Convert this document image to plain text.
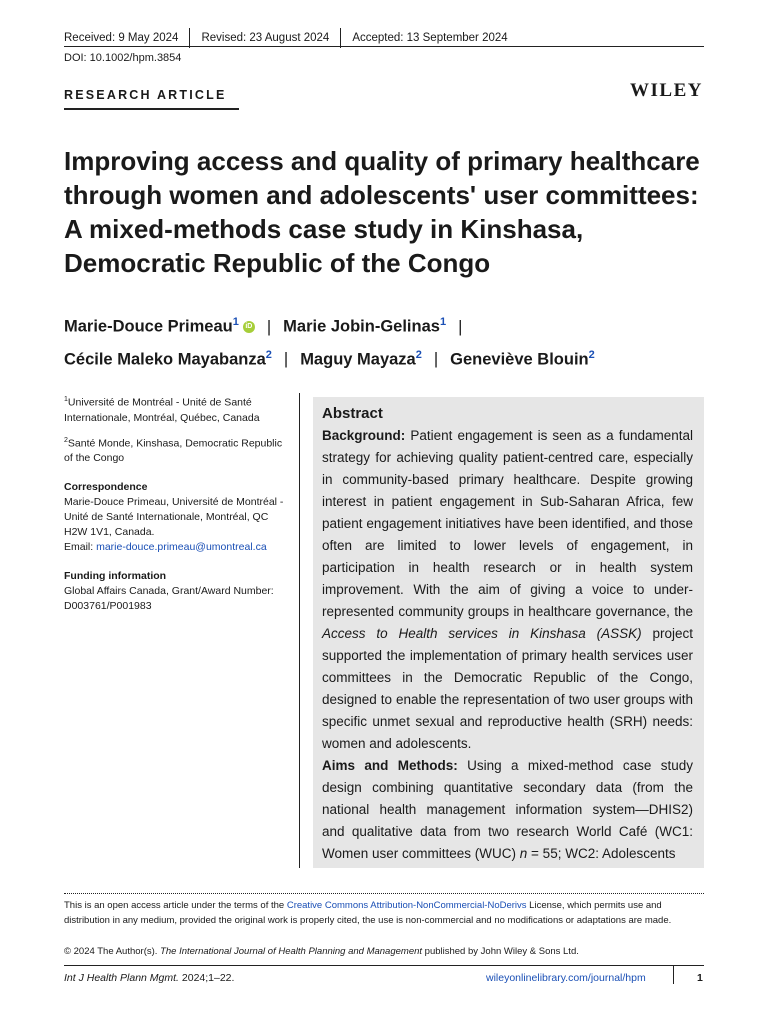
Received: 9 May 2024 Revised: 23 August 2024 Accepted: 13 September 2024
DOI: 10.1002/hpm.3854
RESEARCH ARTICLE	WILEY
Improving access and quality of primary healthcare through women and adolescents' user committees: A mixed-methods case study in Kinshasa, Democratic Republic of the Congo
Marie-Douce Primeau$^1$ iD | Marie Jobin-Gelinas$^1$ |
Cécile Maleko Mayabanza$^2$ | Maguy Mayaza$^2$ | Geneviève Blouin$^2$

$^1$Université de Montréal - Unité de Santé Internationale, Montréal, Québec, Canada

$^2$Santé Monde, Kinshasa, Democratic Republic of the Congo

Correspondence

Marie-Douce Primeau, Université de Montréal - Unité de Santé Internationale, Montréal, QC H2W 1V1, Canada.
Email: marie-douce.primeau@umontreal.ca

Funding information

Global Affairs Canada, Grant/Award Number: D003761/P001983

Abstract

Background: Patient engagement is seen as a fundamental strategy for achieving quality patient-centred care, especially in community-based primary healthcare. Despite growing interest in patient engagement in Sub-Saharan Africa, few patient engagement initiatives have been identified, and those often are limited to lower levels of engagement, in participation in health research or in health system improvement. With the aim of giving a voice to under-represented community groups in healthcare governance, the Access to Health services in Kinshasa (ASSK) project supported the implementation of primary health services user committees in the Democratic Republic of the Congo, designed to enable the representation of two user groups with specific unmet sexual and reproductive health (SRH) needs: women and adolescents.

Aims and Methods: Using a mixed-method case study design combining quantitative secondary data (from the national health management information system—DHIS2) and qualitative data from two research World Café (WC1: Women user committees (WUC) n = 55; WC2: Adolescents

This is an open access article under the terms of the Creative Commons Attribution-NonCommercial-NoDerivs License, which permits use and distribution in any medium, provided the original work is properly cited, the use is non-commercial and no modifications or adaptations are made.
© 2024 The Author(s). The International Journal of Health Planning and Management published by John Wiley & Sons Ltd.
Int J Health Plann Mgmt. 2024;1–22.	wileyonlinelibrary.com/journal/hpm	1
